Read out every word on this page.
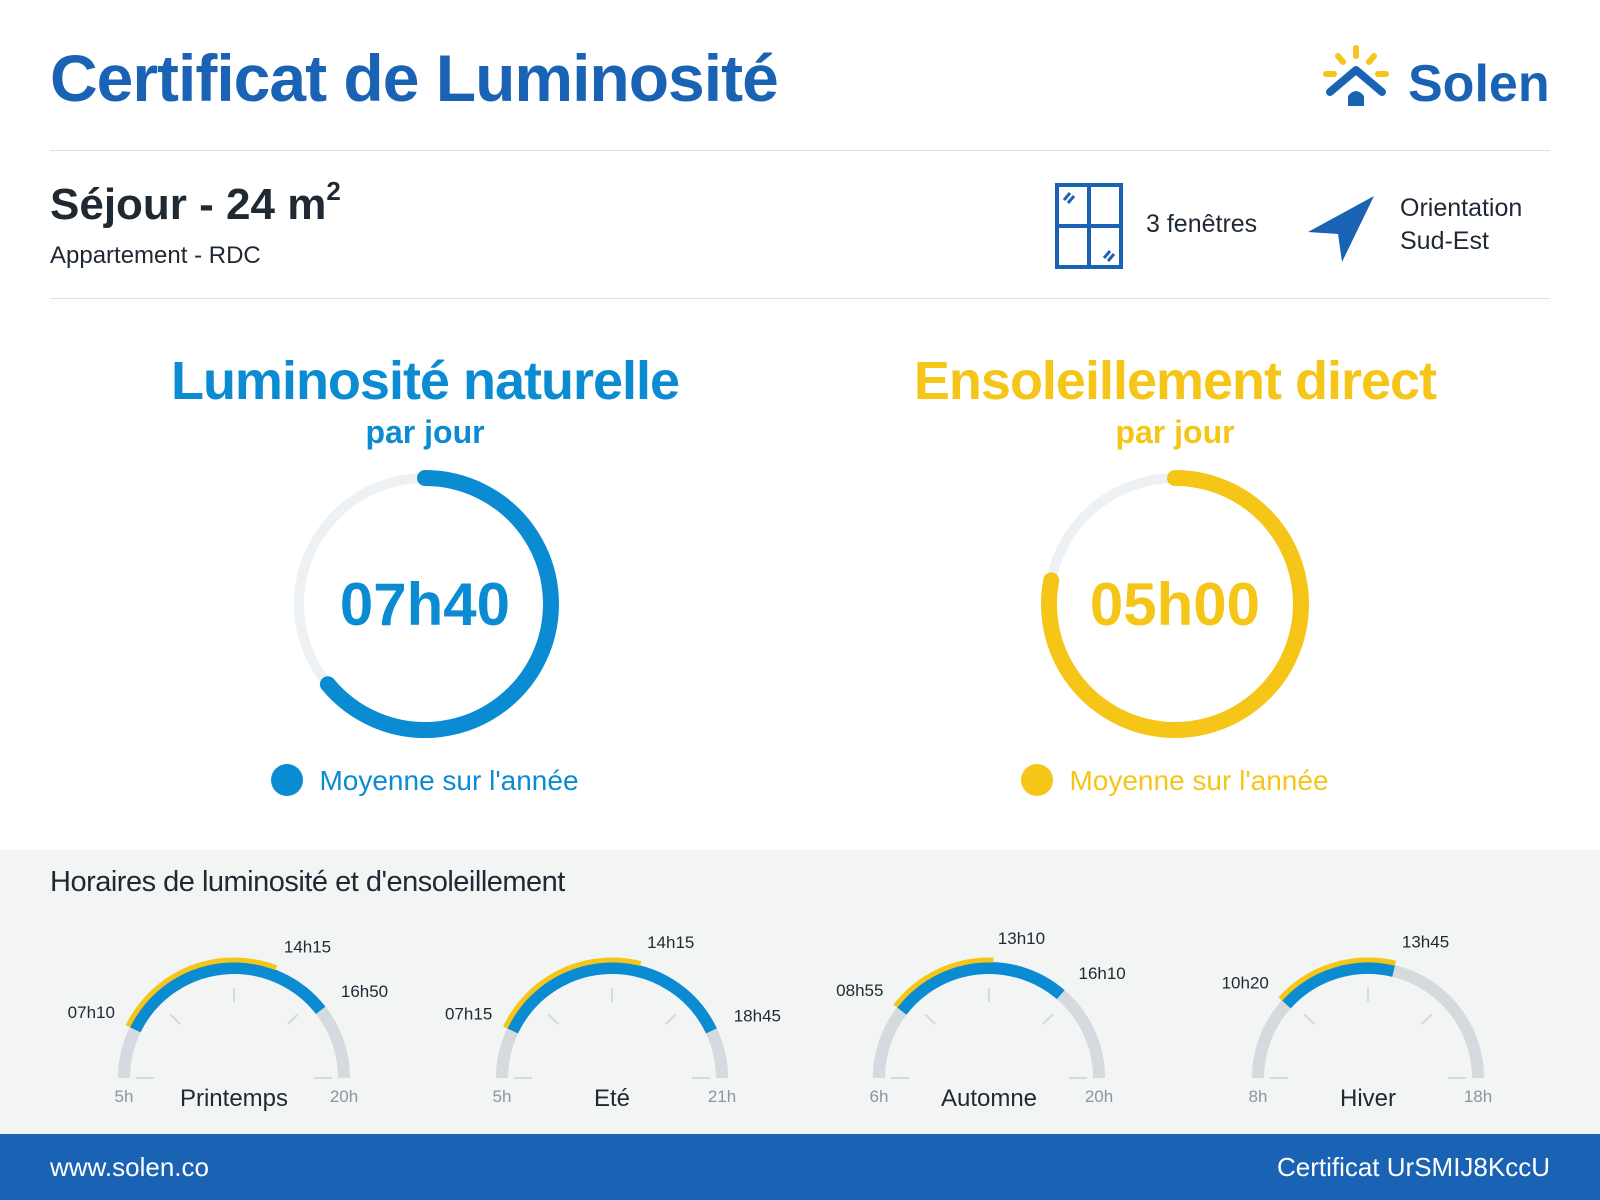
Certificat de Luminosité	Solen
Séjour - 24 $m^2$
Appartement - RDC
3 fenêtres
Orientation
Sud-Est
Luminosité naturelle
par jour
07h40
Moyenne sur l'année
Ensoleillement direct
par jour
05h00
Moyenne sur l'année
Horaires de luminosité et d'ensoleillement
5h	20h
Printemps
07h10
14h15
16h50
5h	21h
Eté
07h15
14h15
18h45
6h	20h
Automne
08h55
13h10
16h10
8h	18h
Hiver
10h20
13h45
www.solen.co	Certificat UrSMIJ8KccU
